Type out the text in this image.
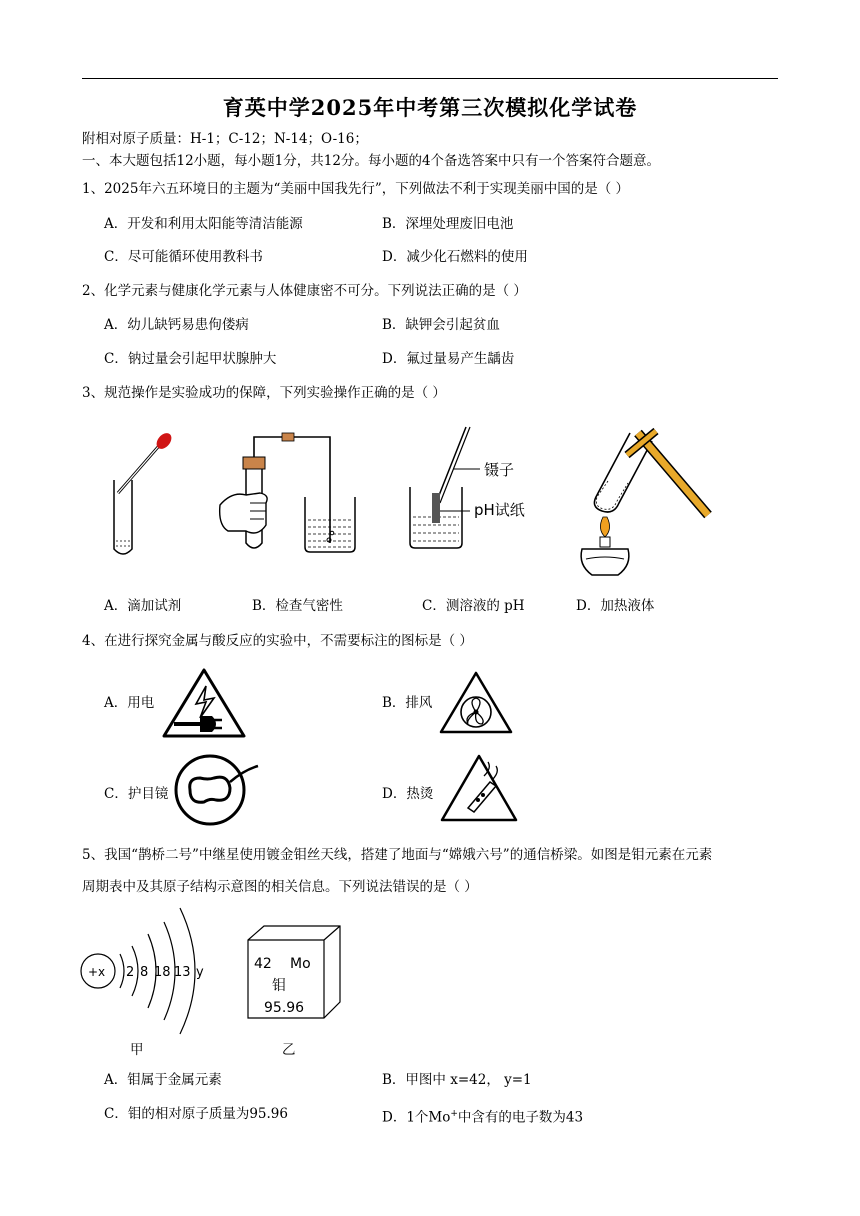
育英中学2025年中考第三次模拟化学试卷
附相对原子质量：H-1；C-12；N-14；O-16；
一、本大题包括12小题，每小题1分，共12分。每小题的4个备选答案中只有一个答案符合题意。
1、2025年六五环境日的主题为“美丽中国我先行”，下列做法不利于实现美丽中国的是（ ）
A．开发和利用太阳能等清洁能源	B．深埋处理废旧电池
C．尽可能循环使用教科书	D．减少化石燃料的使用
2、化学元素与健康化学元素与人体健康密不可分。下列说法正确的是（ ）
A．幼儿缺钙易患佝偻病	B．缺钾会引起贫血
C．钠过量会引起甲状腺肿大	D．氟过量易产生龋齿
3、规范操作是实验成功的保障，下列实验操作正确的是（ ）
镊子
pH试纸
A．滴加试剂	B．检查气密性	C．测溶液的 pH	D．加热液体
4、在进行探究金属与酸反应的实验中，不需要标注的图标是（ ）
A．用电	B．排风
C．护目镜	D．热烫
5、我国“鹊桥二号”中继星使用镀金钼丝天线，搭建了地面与“嫦娥六号”的通信桥梁。如图是钼元素在元素
周期表中及其原子结构示意图的相关信息。下列说法错误的是（ ）
+x 2 8 18 13 y
42 Mo
钼
95.96
甲	乙
A．钼属于金属元素	B．甲图中 x=42， y=1
C．钼的相对原子质量为95.96	D．1个Mo+中含有的电子数为43
